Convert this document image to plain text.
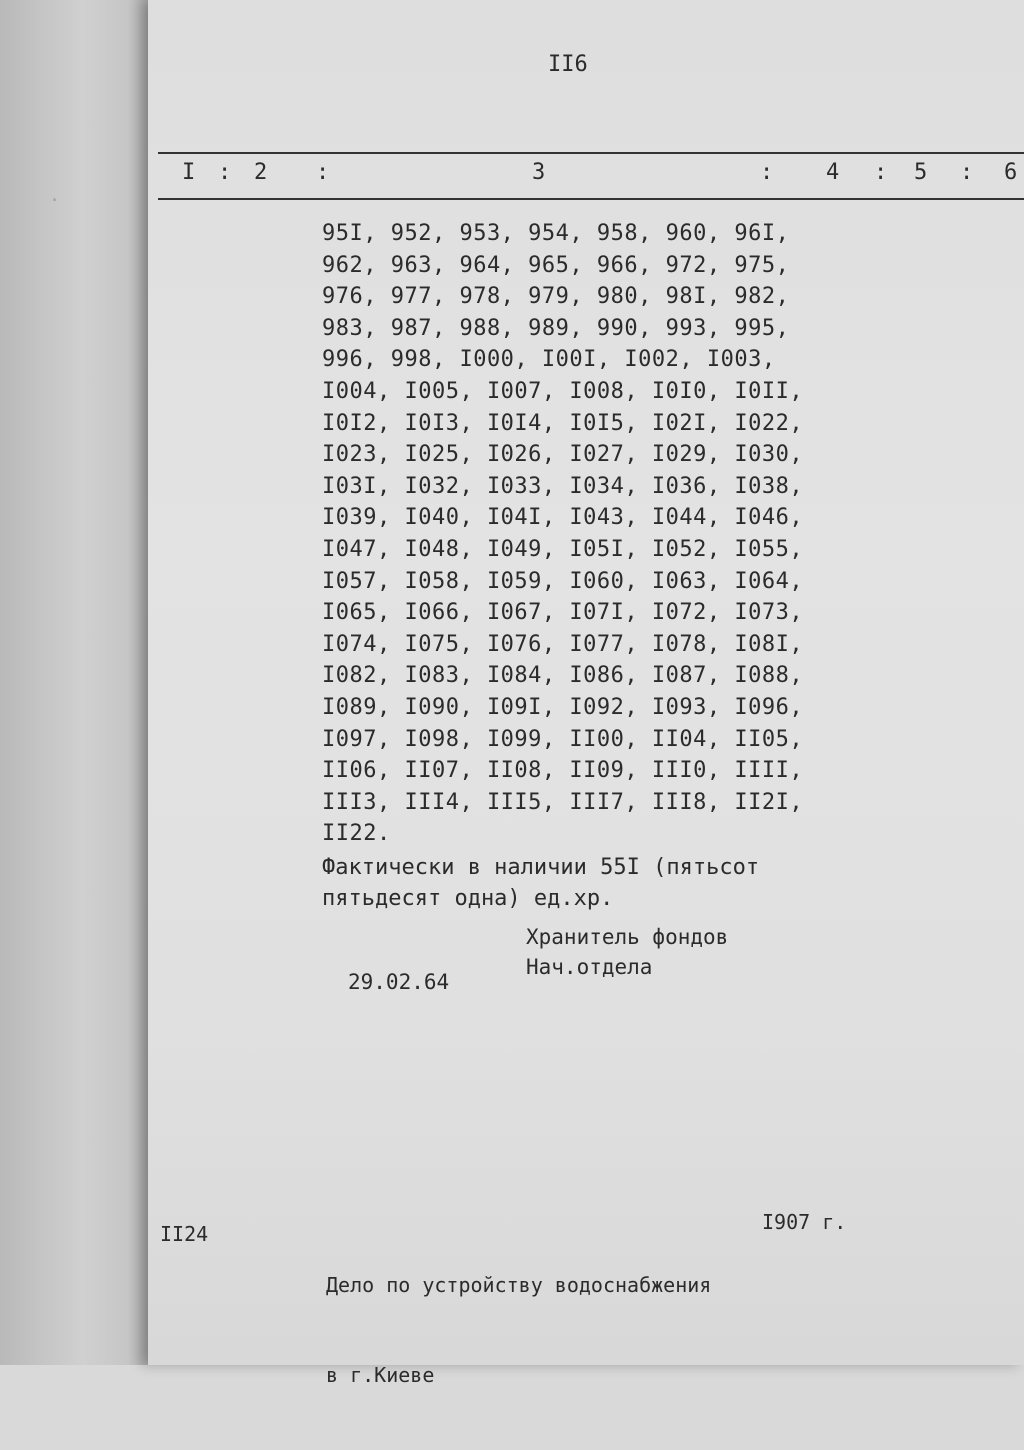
.
II6
I : 2 :	3	: 4 : 5 : 6
95I, 952, 953, 954, 958, 960, 96I,
962, 963, 964, 965, 966, 972, 975,
976, 977, 978, 979, 980, 98I, 982,
983, 987, 988, 989, 990, 993, 995,
996, 998, I000, I00I, I002, I003,
I004, I005, I007, I008, I0I0, I0II,
I0I2, I0I3, I0I4, I0I5, I02I, I022,
I023, I025, I026, I027, I029, I030,
I03I, I032, I033, I034, I036, I038,
I039, I040, I04I, I043, I044, I046,
I047, I048, I049, I05I, I052, I055,
I057, I058, I059, I060, I063, I064,
I065, I066, I067, I07I, I072, I073,
I074, I075, I076, I077, I078, I08I,
I082, I083, I084, I086, I087, I088,
I089, I090, I09I, I092, I093, I096,
I097, I098, I099, II00, II04, II05,
II06, II07, II08, II09, III0, IIII,
III3, III4, III5, III7, III8, II2I,
II22.
Фактически в наличии 55I (пятьсот
пятьдесят одна) ед.хр.
Хранитель фондов
Нач.отдела
29.02.64
II24

Дело по устройству водоснабжения

в г.Киеве

I907 г.
